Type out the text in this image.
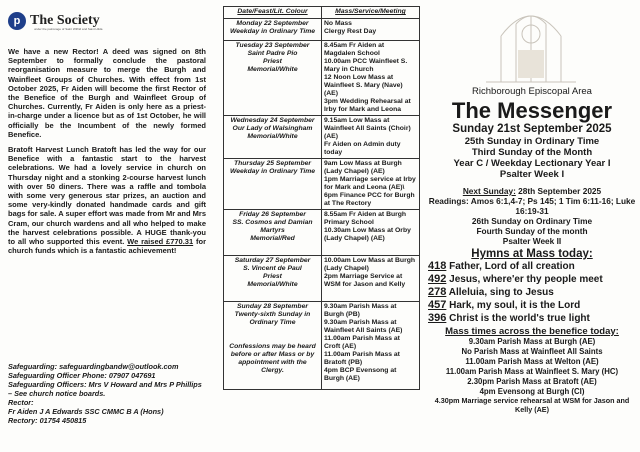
p The Society
under the patronage of Saint Wilfrid and Saint Hilda

We have a new Rector! A deed was signed on 8th September to formally conclude the pastoral reorganisation measure to merge the Burgh and Wainfleet Groups of Churches. With effect from 1st October 2025, Fr Aiden will become the first Rector of the Benefice of the Burgh and Wainfleet Group of Churches. Currently, Fr Aiden is only here as a priest-in-charge under a licence but as of 1st October, he will officially be the Incumbent of the newly formed Benefice.

Bratoft Harvest Lunch Bratoft has led the way for our Benefice with a fantastic start to the harvest celebrations. We had a lovely service in church on Thursday night and a stonking 2-course harvest lunch with over 50 diners. There was a raffle and tombola with some very generous star prizes, an auction and some very-kindly donated handmade cards and gift bags for sale. A super effort was made from Mr and Mrs Cram, our church wardens and all who helped to make the harvest celebrations possible. A HUGE thank-you to all who supported this event. We raised £770.31 for church funds which is a fantastic achievement!

Safeguarding: safeguardingbandw@outlook.com
Safeguarding Officer Phone: 07907 047691
Safeguarding Officers: Mrs V Howard and Mrs P Phillips – See church notice boards.
Rector:
Fr Aiden J A Edwards SSC CMMC B A (Hons)
Rectory: 01754 450815
Date/Feast/Lit. Colour	Mass/Service/Meeting
Monday 22 September
Weekday in Ordinary Time	No Mass
Clergy Rest Day
Tuesday 23 September
Saint Padre Pio
Priest
Memorial/White	8.45am Fr Aiden at Magdalen School
10.00am PCC Wainfleet S. Mary in Church
12 Noon Low Mass at Wainfleet S. Mary (Nave) (AE)
3pm Wedding Rehearsal at Irby for Mark and Leona
Wednesday 24 September
Our Lady of Walsingham
Memorial/White	9.15am Low Mass at Wainfleet All Saints (Choir) (AE)
Fr Aiden on Admin duty today
Thursday 25 September
Weekday in Ordinary Time	9am Low Mass at Burgh (Lady Chapel) (AE)
1pm Marriage service at Irby for Mark and Leona (AE)\
6pm Finance PCC for Burgh at The Rectory
Friday 26 September
SS. Cosmos and Damian
Martyrs
Memorial/Red	8.55am Fr Aiden at Burgh Primary School
10.30am Low Mass at Orby (Lady Chapel) (AE)
Saturday 27 September
S. Vincent de Paul
Priest
Memorial/White	10.00am Low Mass at Burgh (Lady Chapel)
2pm Marriage Service at WSM for Jason and Kelly
Sunday 28 September
Twenty-sixth Sunday in Ordinary Time

Confessions may be heard before or after Mass or by appointment with the Clergy.	9.30am Parish Mass at Burgh (PB)
9.30am Parish Mass at Wainfleet All Saints (AE)
11.00am Parish Mass at Croft (AE)
11.00am Parish Mass at Bratoft (PB)
4pm BCP Evensong at Burgh (AE)
Richborough Episcopal Area
The Messenger
Sunday 21st September 2025
25th Sunday in Ordinary Time
Third Sunday of the Month
Year C / Weekday Lectionary Year I
Psalter Week I
Next Sunday: 28th September 2025
Readings: Amos 6:1,4-7; Ps 145; 1 Tim 6:11-16; Luke 16:19-31
26th Sunday on Ordinary Time
Fourth Sunday of the month
Psalter Week II
Hymns at Mass today:
418 Father, Lord of all creation
492 Jesus, where'er thy people meet
278 Alleluia, sing to Jesus
457 Hark, my soul, it is the Lord
396 Christ is the world's true light
Mass times across the benefice today:
9.30am Parish Mass at Burgh (AE)
No Parish Mass at Wainfleet All Saints
11.00am Parish Mass at Welton (AE)
11.00am Parish Mass at Wainfleet S. Mary (HC)
2.30pm Parish Mass at Bratoft (AE)
4pm Evensong at Burgh (CI)
4.30pm Marriage service rehearsal at WSM for Jason and Kelly (AE)
